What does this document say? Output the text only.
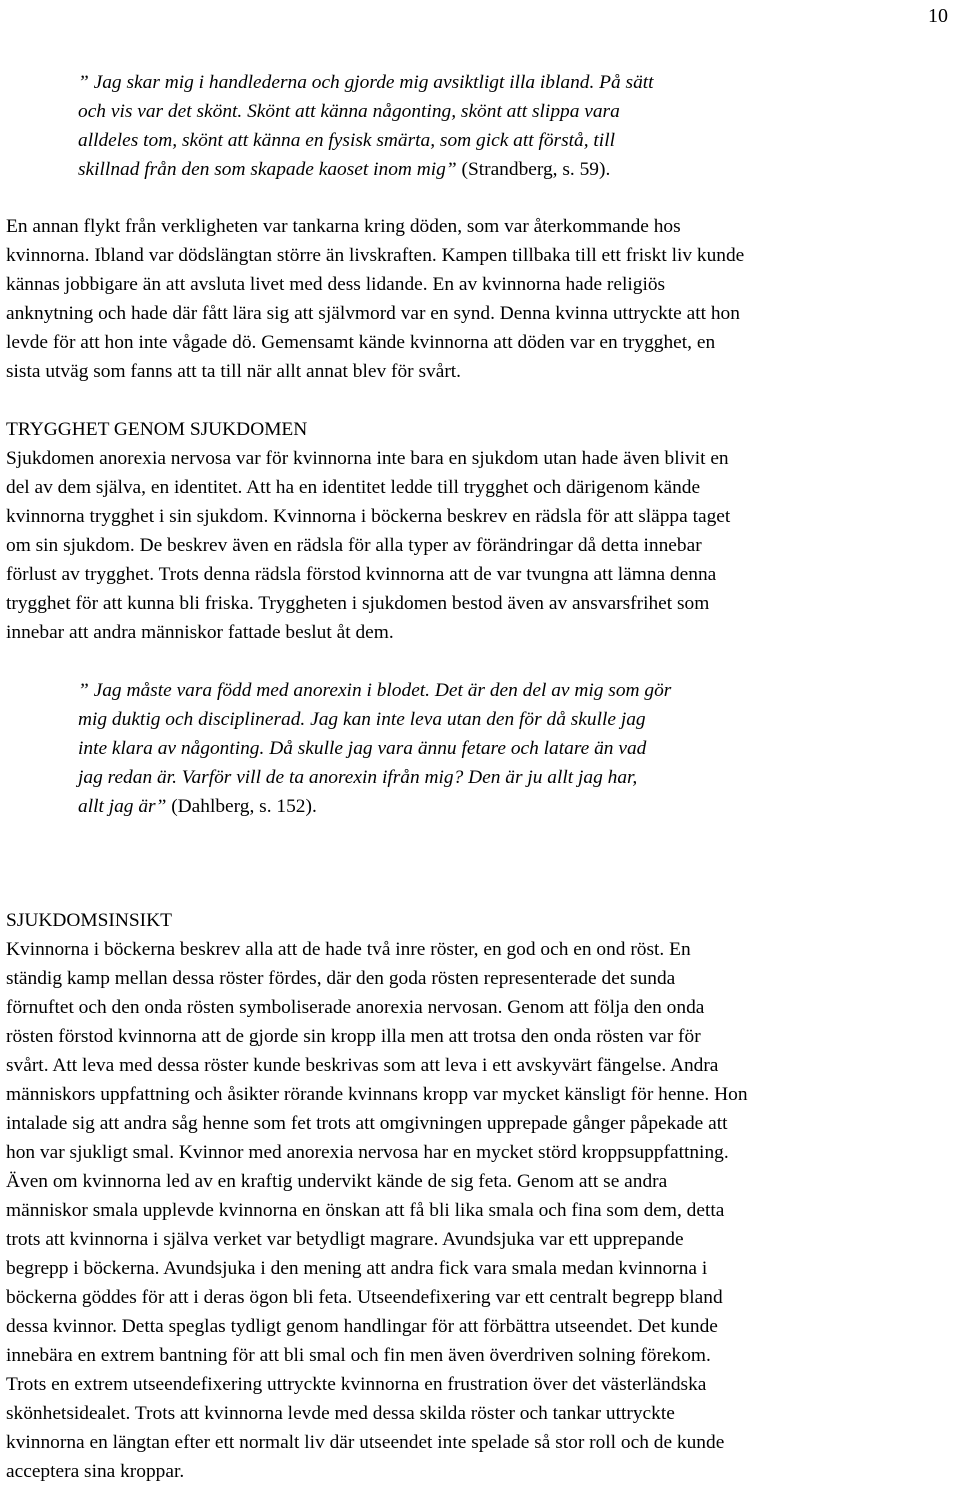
10
” Jag skar mig i handlederna och gjorde mig avsiktligt illa ibland. På sätt
och vis var det skönt. Skönt att känna någonting, skönt att slippa vara
alldeles tom, skönt att känna en fysisk smärta, som gick att förstå, till
skillnad från den som skapade kaoset inom mig” (Strandberg, s. 59).
En annan flykt från verkligheten var tankarna kring döden, som var återkommande hos
kvinnorna. Ibland var dödslängtan större än livskraften. Kampen tillbaka till ett friskt liv kunde
kännas jobbigare än att avsluta livet med dess lidande. En av kvinnorna hade religiös
anknytning och hade där fått lära sig att självmord var en synd. Denna kvinna uttryckte att hon
levde för att hon inte vågade dö. Gemensamt kände kvinnorna att döden var en trygghet, en
sista utväg som fanns att ta till när allt annat blev för svårt.
TRYGGHET GENOM SJUKDOMEN
Sjukdomen anorexia nervosa var för kvinnorna inte bara en sjukdom utan hade även blivit en
del av dem själva, en identitet. Att ha en identitet ledde till trygghet och därigenom kände
kvinnorna trygghet i sin sjukdom. Kvinnorna i böckerna beskrev en rädsla för att släppa taget
om sin sjukdom. De beskrev även en rädsla för alla typer av förändringar då detta innebar
förlust av trygghet. Trots denna rädsla förstod kvinnorna att de var tvungna att lämna denna
trygghet för att kunna bli friska. Tryggheten i sjukdomen bestod även av ansvarsfrihet som
innebar att andra människor fattade beslut åt dem.
” Jag måste vara född med anorexin i blodet. Det är den del av mig som gör
mig duktig och disciplinerad. Jag kan inte leva utan den för då skulle jag
inte klara av någonting. Då skulle jag vara ännu fetare och latare än vad
jag redan är. Varför vill de ta anorexin ifrån mig? Den är ju allt jag har,
allt jag är” (Dahlberg, s. 152).
SJUKDOMSINSIKT
Kvinnorna i böckerna beskrev alla att de hade två inre röster, en god och en ond röst. En
ständig kamp mellan dessa röster fördes, där den goda rösten representerade det sunda
förnuftet och den onda rösten symboliserade anorexia nervosan. Genom att följa den onda
rösten förstod kvinnorna att de gjorde sin kropp illa men att trotsa den onda rösten var för
svårt. Att leva med dessa röster kunde beskrivas som att leva i ett avskyvärt fängelse. Andra
människors uppfattning och åsikter rörande kvinnans kropp var mycket känsligt för henne. Hon
intalade sig att andra såg henne som fet trots att omgivningen upprepade gånger påpekade att
hon var sjukligt smal. Kvinnor med anorexia nervosa har en mycket störd kroppsuppfattning.
Även om kvinnorna led av en kraftig undervikt kände de sig feta. Genom att se andra
människor smala upplevde kvinnorna en önskan att få bli lika smala och fina som dem, detta
trots att kvinnorna i själva verket var betydligt magrare. Avundsjuka var ett upprepande
begrepp i böckerna. Avundsjuka i den mening att andra fick vara smala medan kvinnorna i
böckerna göddes för att i deras ögon bli feta. Utseendefixering var ett centralt begrepp bland
dessa kvinnor. Detta speglas tydligt genom handlingar för att förbättra utseendet. Det kunde
innebära en extrem bantning för att bli smal och fin men även överdriven solning förekom.
Trots en extrem utseendefixering uttryckte kvinnorna en frustration över det västerländska
skönhetsidealet. Trots att kvinnorna levde med dessa skilda röster och tankar uttryckte
kvinnorna en längtan efter ett normalt liv där utseendet inte spelade så stor roll och de kunde
acceptera sina kroppar.
